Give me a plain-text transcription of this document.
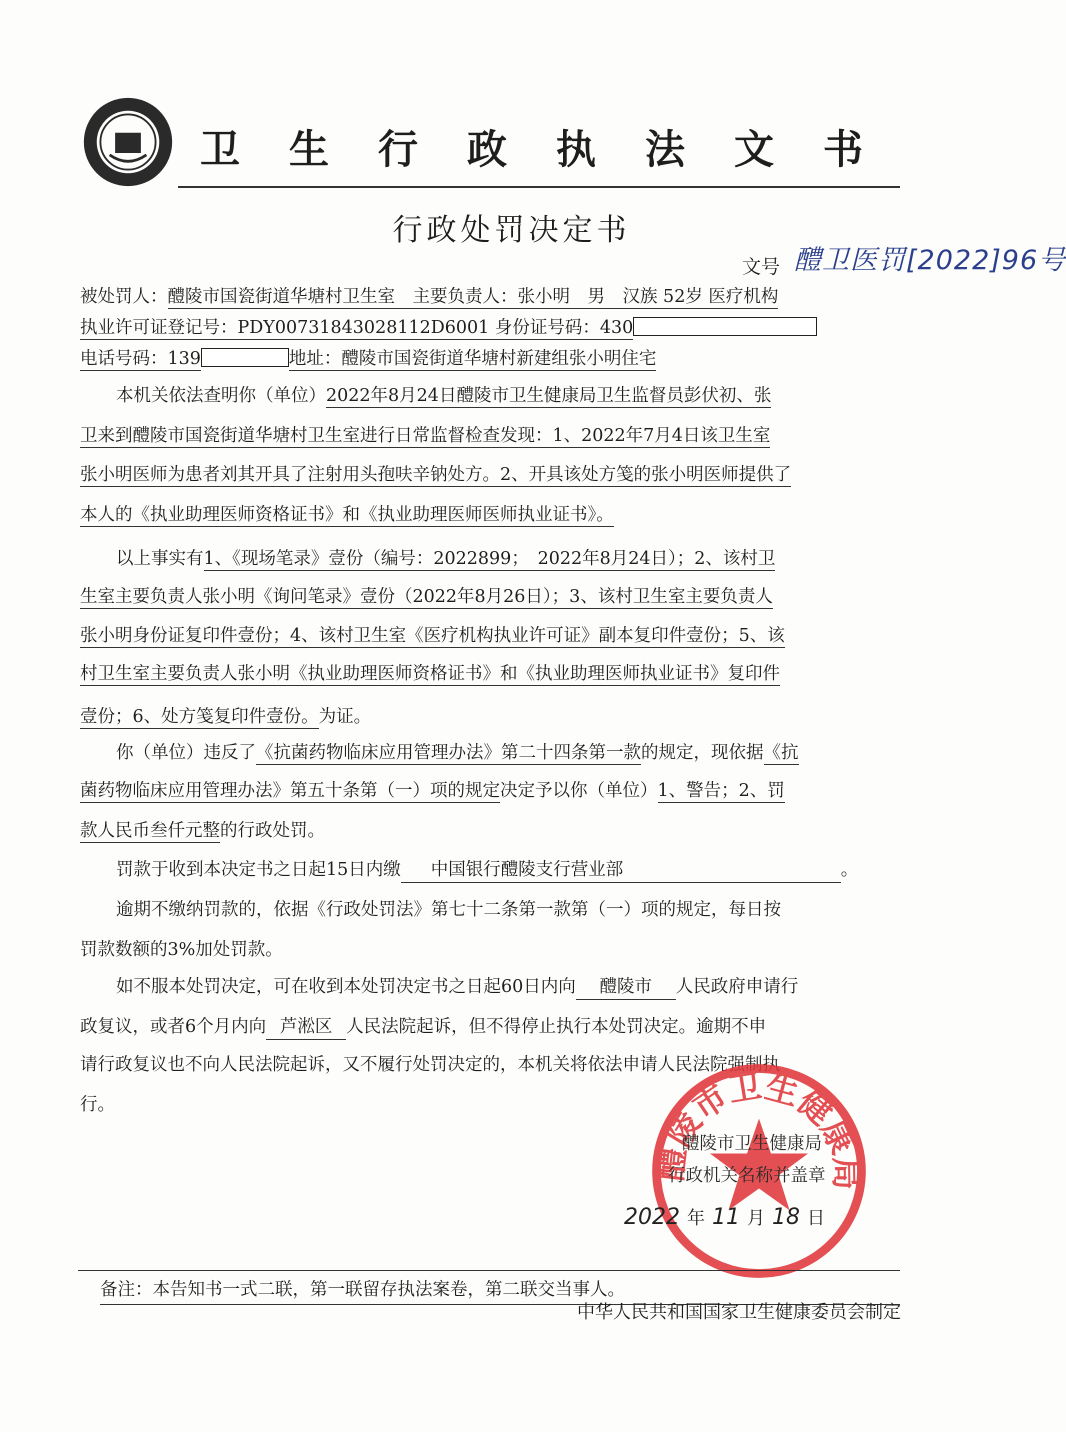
卫生行政执法文书
行政处罚决定书
文号 醴卫医罚[2022]96号
被处罚人：醴陵市国瓷街道华塘村卫生室　主要负责人：张小明　男　汉族 52岁 医疗机构
执业许可证登记号：PDY00731843028112D6001 身份证号码：430
电话号码：139	地址：醴陵市国瓷街道华塘村新建组张小明住宅
本机关依法查明你（单位）2022年8月24日醴陵市卫生健康局卫生监督员彭伏初、张
卫来到醴陵市国瓷街道华塘村卫生室进行日常监督检查发现：1、2022年7月4日该卫生室
张小明医师为患者刘其开具了注射用头孢呋辛钠处方。2、开具该处方笺的张小明医师提供了
本人的《执业助理医师资格证书》和《执业助理医师医师执业证书》。
以上事实有1、《现场笔录》壹份（编号：2022899；　2022年8月24日）；2、该村卫
生室主要负责人张小明《询问笔录》壹份（2022年8月26日）；3、该村卫生室主要负责人
张小明身份证复印件壹份；4、该村卫生室《医疗机构执业许可证》副本复印件壹份；5、该
村卫生室主要负责人张小明《执业助理医师资格证书》和《执业助理医师执业证书》复印件
壹份；6、处方笺复印件壹份。为证。
你（单位）违反了《抗菌药物临床应用管理办法》第二十四条第一款的规定，现依据《抗
菌药物临床应用管理办法》第五十条第（一）项的规定决定予以你（单位）1、警告；2、罚
款人民币叁仟元整的行政处罚。
罚款于收到本决定书之日起15日内缴 中国银行醴陵支行营业部	。
逾期不缴纳罚款的，依据《行政处罚法》第七十二条第一款第（一）项的规定，每日按
罚款数额的3%加处罚款。
如不服本处罚决定，可在收到本处罚决定书之日起60日内向 醴陵市 人民政府申请行
政复议，或者6个月内向 芦淞区 人民法院起诉，但不得停止执行本处罚决定。逾期不申
请行政复议也不向人民法院起诉，又不履行处罚决定的，本机关将依法申请人民法院强制执
行。
醴陵市卫生健康局
醴陵市卫生健康局
行政机关名称并盖章
2022 年 11 月 18 日
备注：本告知书一式二联，第一联留存执法案卷，第二联交当事人。
中华人民共和国国家卫生健康委员会制定
